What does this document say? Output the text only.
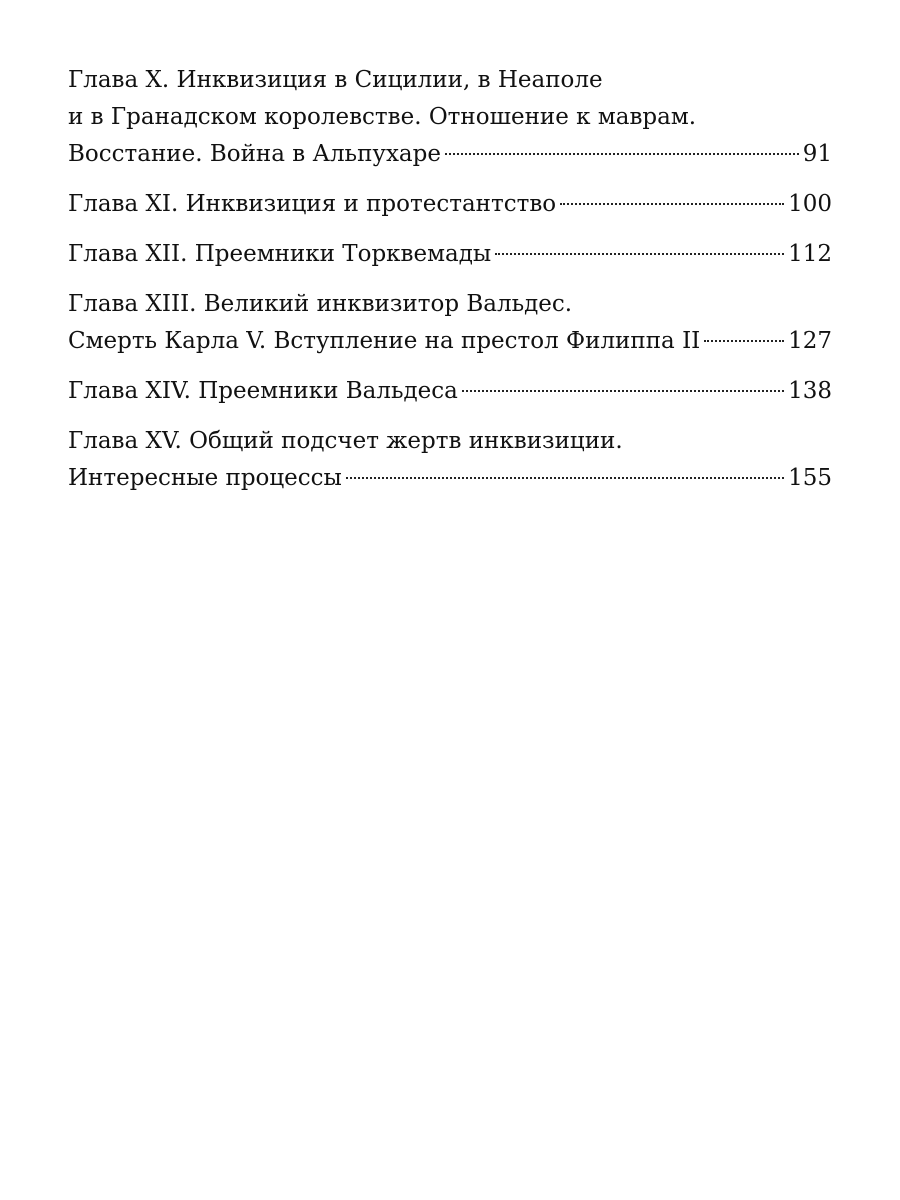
Глава X. Инквизиция в Сицилии, в Неаполе
и в Гранадском королевстве. Отношение к маврам.
Восстание. Война в Альпухаре	91
Глава XI. Инквизиция и протестантство	100
Глава XII. Преемники Торквемады	112
Глава XIII. Великий инквизитор Вальдес.
Смерть Карла V. Вступление на престол Филиппа II	127
Глава XIV. Преемники Вальдеса	138
Глава XV. Общий подсчет жертв инквизиции.
Интересные процессы	155
